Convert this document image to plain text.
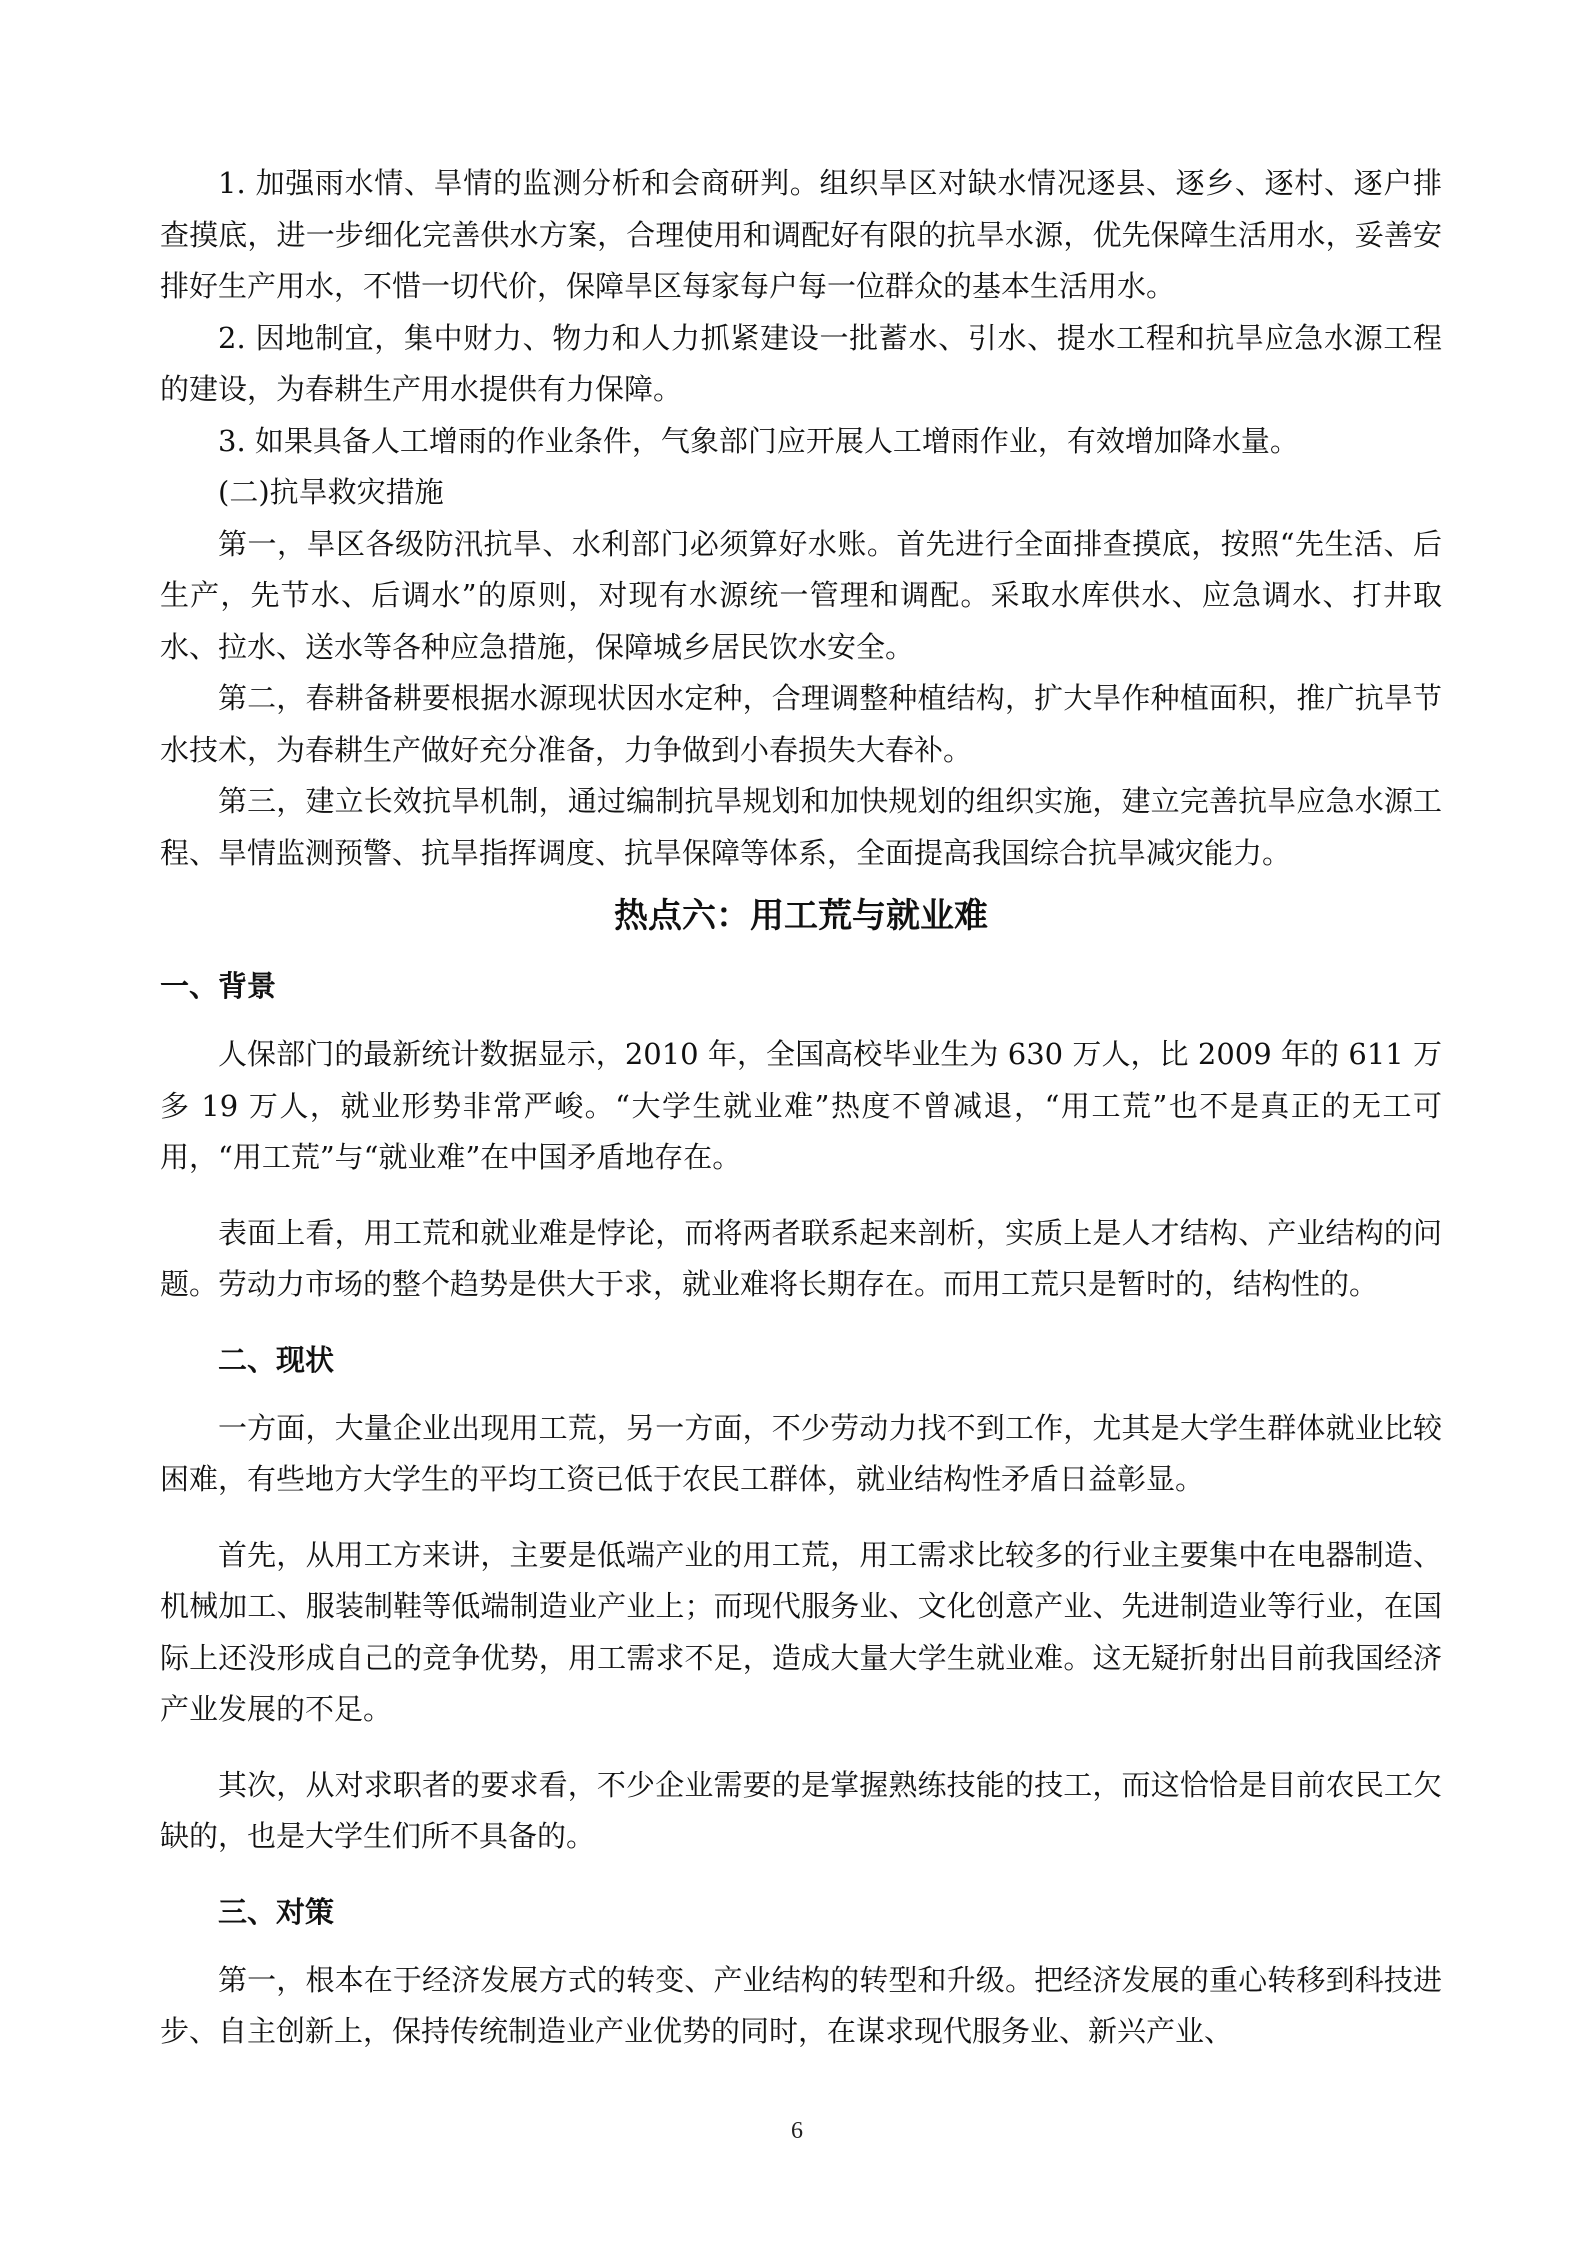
1. 加强雨水情、旱情的监测分析和会商研判。组织旱区对缺水情况逐县、逐乡、逐村、逐户排查摸底，进一步细化完善供水方案，合理使用和调配好有限的抗旱水源，优先保障生活用水，妥善安排好生产用水，不惜一切代价，保障旱区每家每户每一位群众的基本生活用水。

2. 因地制宜，集中财力、物力和人力抓紧建设一批蓄水、引水、提水工程和抗旱应急水源工程的建设，为春耕生产用水提供有力保障。

3. 如果具备人工增雨的作业条件，气象部门应开展人工增雨作业，有效增加降水量。

(二)抗旱救灾措施

第一，旱区各级防汛抗旱、水利部门必须算好水账。首先进行全面排查摸底，按照“先生活、后生产，先节水、后调水”的原则，对现有水源统一管理和调配。采取水库供水、应急调水、打井取水、拉水、送水等各种应急措施，保障城乡居民饮水安全。

第二，春耕备耕要根据水源现状因水定种，合理调整种植结构，扩大旱作种植面积，推广抗旱节水技术，为春耕生产做好充分准备，力争做到小春损失大春补。

第三，建立长效抗旱机制，通过编制抗旱规划和加快规划的组织实施，建立完善抗旱应急水源工程、旱情监测预警、抗旱指挥调度、抗旱保障等体系，全面提高我国综合抗旱减灾能力。

热点六：用工荒与就业难
一、背景

人保部门的最新统计数据显示，2010 年，全国高校毕业生为 630 万人，比 2009 年的 611 万多 19 万人，就业形势非常严峻。“大学生就业难”热度不曾减退，“用工荒”也不是真正的无工可用，“用工荒”与“就业难”在中国矛盾地存在。

表面上看，用工荒和就业难是悖论，而将两者联系起来剖析，实质上是人才结构、产业结构的问题。劳动力市场的整个趋势是供大于求，就业难将长期存在。而用工荒只是暂时的，结构性的。

二、现状

一方面，大量企业出现用工荒，另一方面，不少劳动力找不到工作，尤其是大学生群体就业比较困难，有些地方大学生的平均工资已低于农民工群体，就业结构性矛盾日益彰显。

首先，从用工方来讲，主要是低端产业的用工荒，用工需求比较多的行业主要集中在电器制造、机械加工、服装制鞋等低端制造业产业上；而现代服务业、文化创意产业、先进制造业等行业，在国际上还没形成自己的竞争优势，用工需求不足，造成大量大学生就业难。这无疑折射出目前我国经济产业发展的不足。

其次，从对求职者的要求看，不少企业需要的是掌握熟练技能的技工，而这恰恰是目前农民工欠缺的，也是大学生们所不具备的。

三、对策

第一，根本在于经济发展方式的转变、产业结构的转型和升级。把经济发展的重心转移到科技进步、自主创新上，保持传统制造业产业优势的同时，在谋求现代服务业、新兴产业、

6
